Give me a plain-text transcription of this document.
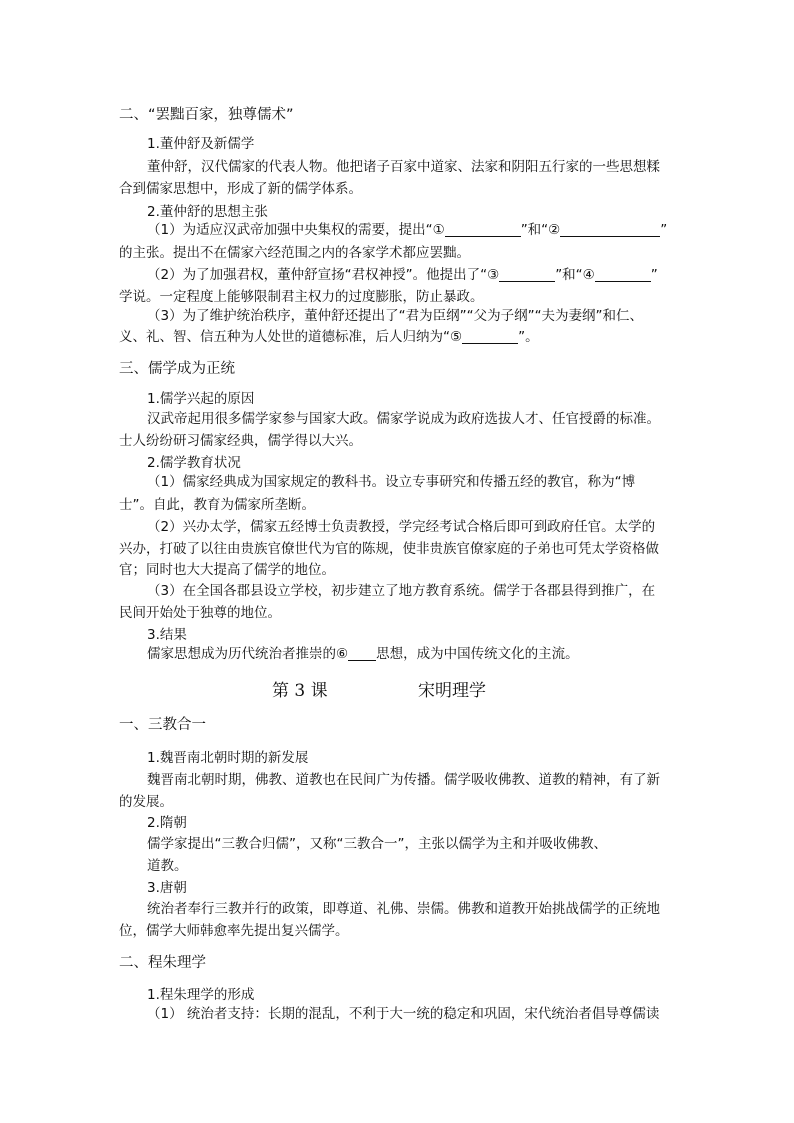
二、“罢黜百家，独尊儒术”
1.董仲舒及新儒学
董仲舒，汉代儒家的代表人物。他把诸子百家中道家、法家和阴阳五行家的一些思想糅
合到儒家思想中，形成了新的儒学体系。
2.董仲舒的思想主张
（1）为适应汉武帝加强中央集权的需要，提出“①	”和“②	”
的主张。提出不在儒家六经范围之内的各家学术都应罢黜。
（2）为了加强君权，董仲舒宣扬“君权神授”。他提出了“③	”和“④	”
学说。一定程度上能够限制君主权力的过度膨胀，防止暴政。
（3）为了维护统治秩序，董仲舒还提出了“君为臣纲”“父为子纲”“夫为妻纲”和仁、
义、礼、智、信五种为人处世的道德标准，后人归纳为“⑤	”。
三、儒学成为正统
1.儒学兴起的原因
汉武帝起用很多儒学家参与国家大政。儒家学说成为政府选拔人才、任官授爵的标准。
士人纷纷研习儒家经典，儒学得以大兴。
2.儒学教育状况
（1）儒家经典成为国家规定的教科书。设立专事研究和传播五经的教官，称为“博
士”。自此，教育为儒家所垄断。
（2）兴办太学，儒家五经博士负责教授，学完经考试合格后即可到政府任官。太学的
兴办，打破了以往由贵族官僚世代为官的陈规，使非贵族官僚家庭的子弟也可凭太学资格做
官；同时也大大提高了儒学的地位。
（3）在全国各郡县设立学校，初步建立了地方教育系统。儒学于各郡县得到推广，在
民间开始处于独尊的地位。
3.结果
儒家思想成为历代统治者推崇的⑥ 思想，成为中国传统文化的主流。
第 3 课	宋明理学
一、三教合一
1.魏晋南北朝时期的新发展
魏晋南北朝时期，佛教、道教也在民间广为传播。儒学吸收佛教、道教的精神，有了新
的发展。
2.隋朝
儒学家提出“三教合归儒”，又称“三教合一”，主张以儒学为主和并吸收佛教、
道教。
3.唐朝
统治者奉行三教并行的政策，即尊道、礼佛、崇儒。佛教和道教开始挑战儒学的正统地
位，儒学大师韩愈率先提出复兴儒学。
二、程朱理学
1.程朱理学的形成
（1） 统治者支持：长期的混乱，不利于大一统的稳定和巩固，宋代统治者倡导尊儒读
